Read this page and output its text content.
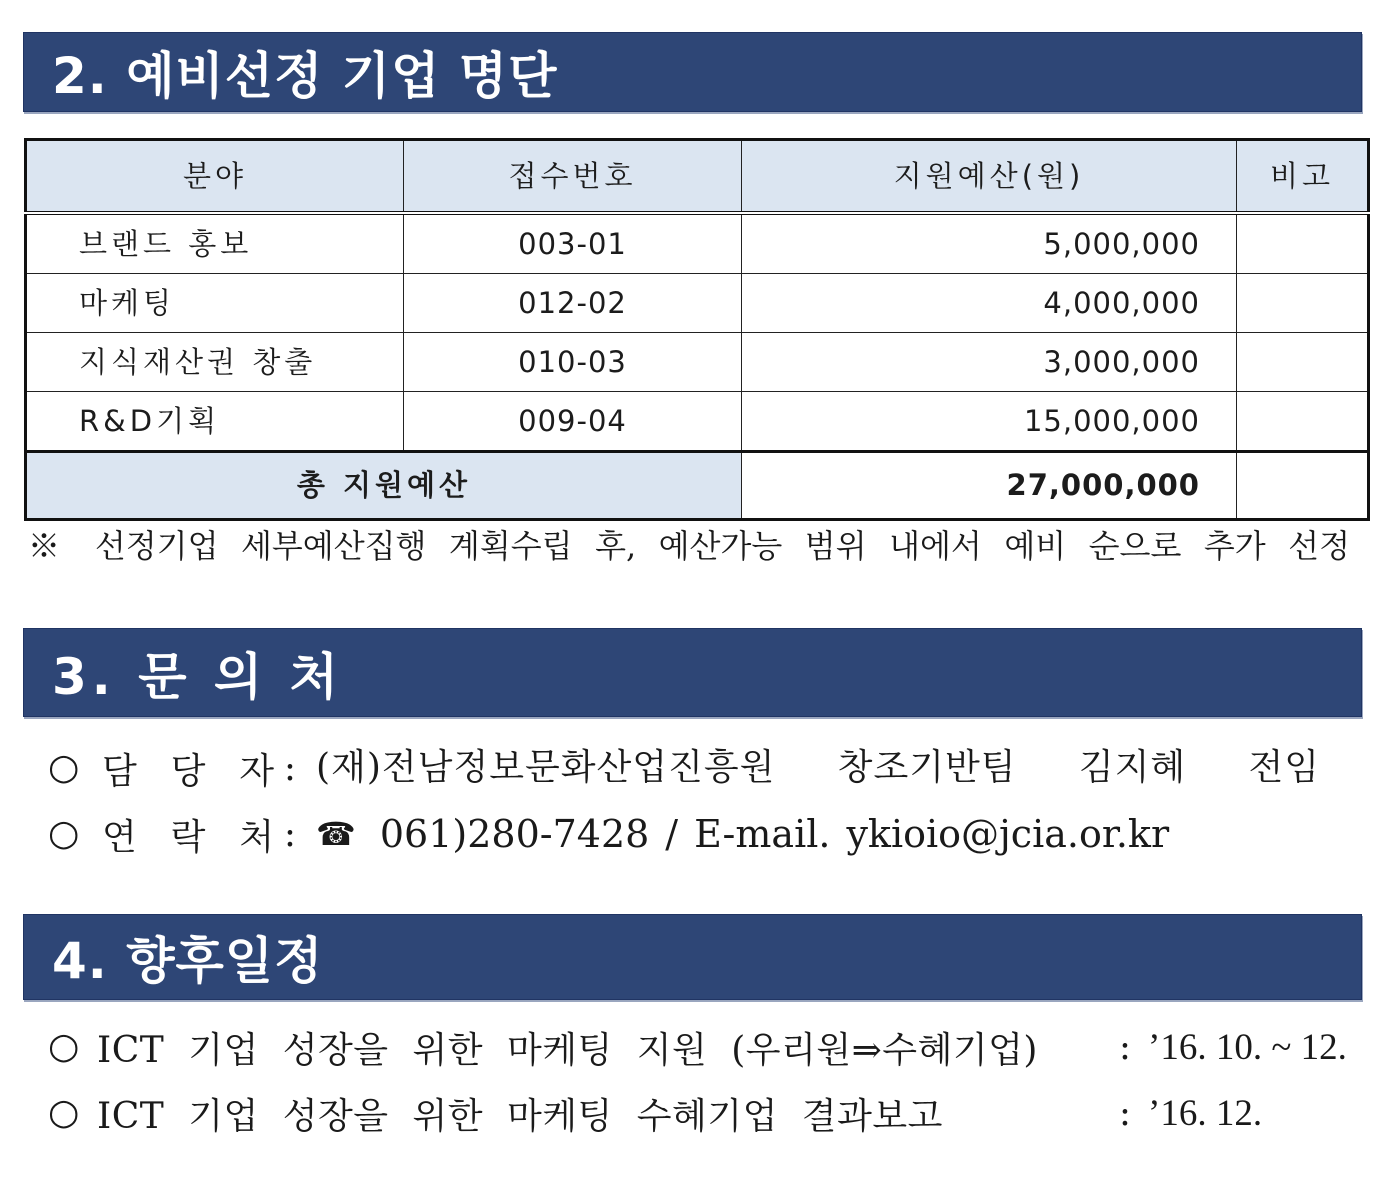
2. 예비선정 기업 명단
분야	접수번호	지원예산(원)	비고
브랜드 홍보	003-01	5,000,000	
마케팅	012-02	4,000,000	
지식재산권 창출	010-03	3,000,000	
R&D기획	009-04	15,000,000	
총 지원예산		27,000,000	
※ 선정기업 세부예산집행 계획수립 후, 예산가능 범위 내에서 예비 순으로 추가 선정
3. 문 의 처
○ 담 당 자 : (재)전남정보문화산업진흥원 창조기반팀 김지혜 전임
○ 연 락 처 : ☎ 061)280-7428 / E-mail. ykioio@jcia.or.kr
4. 향후일정
○ ICT 기업 성장을 위한 마케팅 지원 (우리원⇒수혜기업)	: ’16. 10. ~ 12.
○ ICT 기업 성장을 위한 마케팅 수혜기업 결과보고	: ’16. 12.
